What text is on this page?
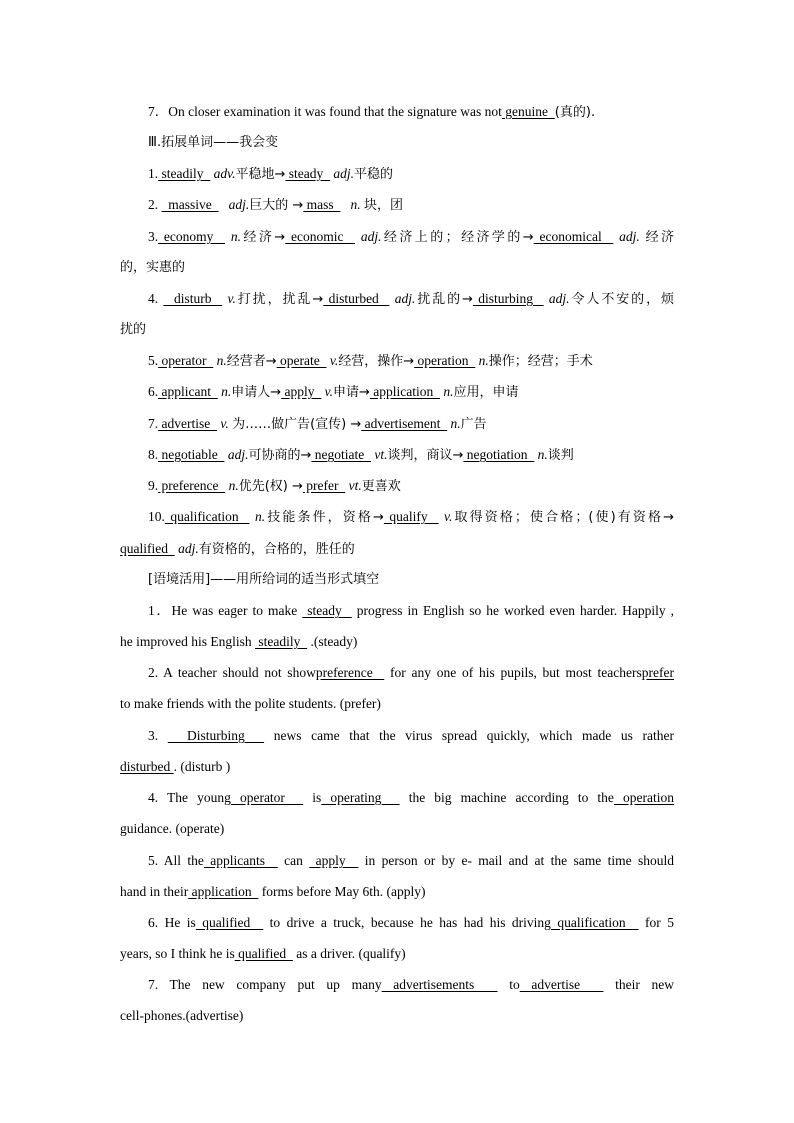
7．On closer examination it was found that the signature was not genuine  (真的).
Ⅲ.拓展单词——我会变
1. steadily   adv.平稳地→ steady   adj.平稳的
2.   massive     adj.巨大的 → mass     n. 块，团
3. economy   n.经济→ economic   adj.经济上的；经济学的→ economical   adj. 经济
的，实惠的
4.   disturb   v.打扰，扰乱→ disturbed   adj.扰乱的→ disturbing   adj.令人不安的，烦
扰的
5. operator   n.经营者→ operate   v.经营，操作→ operation   n.操作；经营；手术
6. applicant   n.申请人→ apply   v.申请→ application   n.应用，申请
7. advertise   v. 为……做广告(宣传) → advertisement   n.广告
8. negotiable   adj.可协商的→ negotiate   vt.谈判，商议→ negotiation   n.谈判
9. preference   n.优先(权) → prefer   vt.更喜欢
10. qualification   n.技能条件，资格→ qualify   v.取得资格；使合格；(使)有资格→
qualified   adj.有资格的，合格的，胜任的
[语境活用]——用所给词的适当形式填空
1．He was eager to make  steady   progress in English so he worked even harder. Happily ,
he improved his English  steadily   .(steady)
2. A teacher should not showpreference   for any one of his pupils, but most teachersprefer
to make friends with the polite students. (prefer)
3.   Disturbing   news came that the virus spread quickly, which made us rather
disturbed . (disturb )
4. The young operator   is operating   the big machine according to the operation
guidance. (operate)
5. All the applicants   can  apply   in person or by e- mail and at the same time should
hand in their application   forms before May 6th. (apply)
6. He is qualified   to drive a truck, because he has had his driving qualification   for 5
years, so I think he is qualified   as a driver. (qualify)
7. The new company put up many advertisements   to advertise   their new
cell-phones.(advertise)
